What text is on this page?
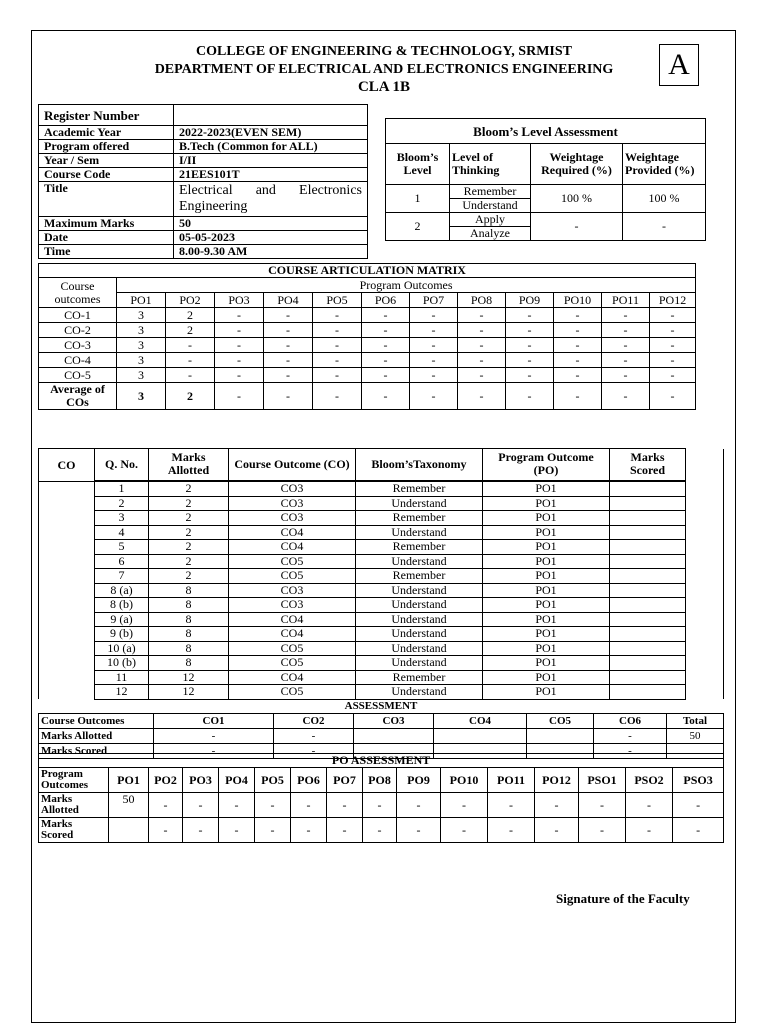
COLLEGE OF ENGINEERING & TECHNOLOGY, SRMIST
DEPARTMENT OF ELECTRICAL AND ELECTRONICS ENGINEERING
CLA 1B
A
Register Number	
Academic Year	2022-2023(EVEN SEM)
Program offered	B.Tech (Common for ALL)
Year / Sem	I/II
Course Code	21EES101T
Title	Electrical and Electronics Engineering
Maximum Marks	50
Date	05-05-2023
Time	8.00-9.30 AM
Bloom’s Level Assessment			
Bloom’s Level	Level of Thinking	Weightage Required (%)	Weightage Provided (%)
1	Remember	100 %	100 %
	Understand		
2	Apply	-	-
	Analyze		
COURSE ARTICULATION MATRIX												
Course outcomes	Program Outcomes											
	PO1	PO2	PO3	PO4	PO5	PO6	PO7	PO8	PO9	PO10	PO11	PO12
CO-1	3	2	-	-	-	-	-	-	-	-	-	-
CO-2	3	2	-	-	-	-	-	-	-	-	-	-
CO-3	3	-	-	-	-	-	-	-	-	-	-	-
CO-4	3	-	-	-	-	-	-	-	-	-	-	-
CO-5	3	-	-	-	-	-	-	-	-	-	-	-
Average of COs	3	2	-	-	-	-	-	-	-	-	-	-
CO	Q. No.	Marks Allotted	Course Outcome (CO)	Bloom’sTaxonomy	Program Outcome (PO)	Marks Scored	

	1	2	CO3	Remember	PO1		
	2	2	CO3	Understand	PO1		
	3	2	CO3	Remember	PO1		
	4	2	CO4	Understand	PO1		
	5	2	CO4	Remember	PO1		
	6	2	CO5	Understand	PO1		
	7	2	CO5	Remember	PO1		
	8 (a)	8	CO3	Understand	PO1		
	8 (b)	8	CO3	Understand	PO1		
	9 (a)	8	CO4	Understand	PO1		
	9 (b)	8	CO4	Understand	PO1		
	10 (a)	8	CO5	Understand	PO1		
	10 (b)	8	CO5	Understand	PO1		
	11	12	CO4	Remember	PO1		
	12	12	CO5	Understand	PO1		
ASSESSMENT							
Course Outcomes	CO1	CO2	CO3	CO4	CO5	CO6	Total
Marks Allotted	-	-				-	50
Marks Scored	-	-				-	
PO ASSESSMENT															
Program Outcomes	PO1	PO2	PO3	PO4	PO5	PO6	PO7	PO8	PO9	PO10	PO11	PO12	PSO1	PSO2	PSO3
Marks Allotted	50	-	-	-	-	-	-	-	-	-	-	-	-	-	-
Marks Scored		-	-	-	-	-	-	-	-	-	-	-	-	-	-
Signature of the Faculty
